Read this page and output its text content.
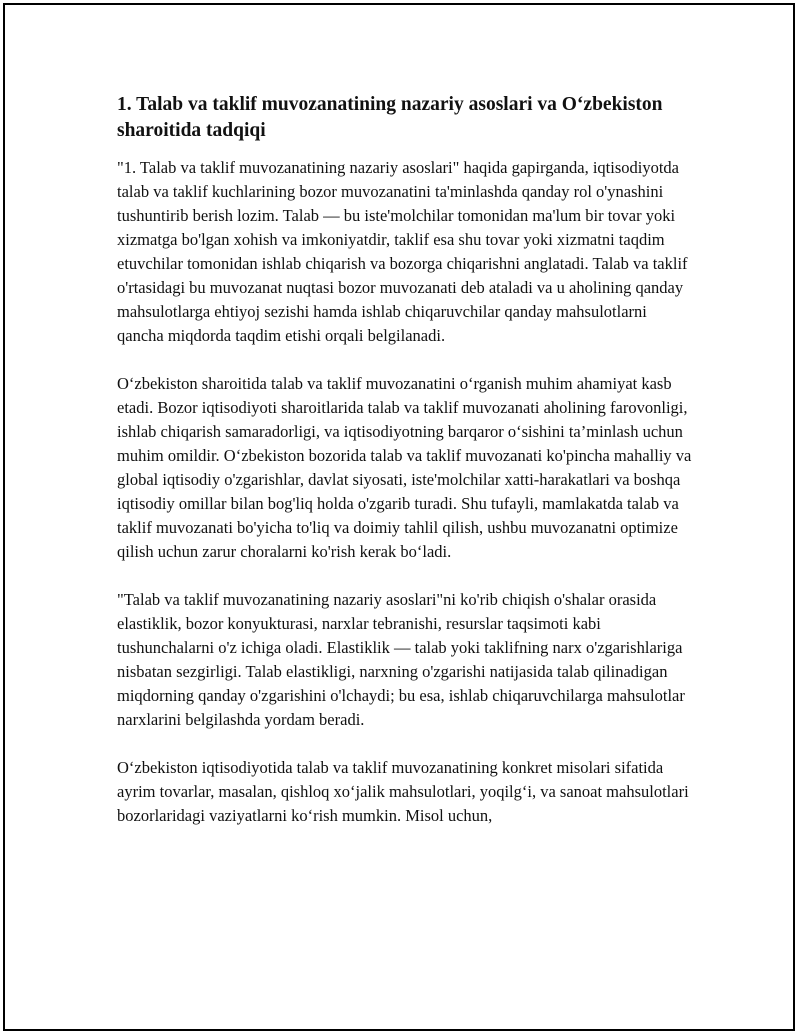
1. Talab va taklif muvozanatining nazariy asoslari va O‘zbekiston sharoitida tadqiqi

"1. Talab va taklif muvozanatining nazariy asoslari" haqida gapirganda, iqtisodiyotda talab va taklif kuchlarining bozor muvozanatini ta'minlashda qanday rol o'ynashini tushuntirib berish lozim. Talab — bu iste'molchilar tomonidan ma'lum bir tovar yoki xizmatga bo'lgan xohish va imkoniyatdir, taklif esa shu tovar yoki xizmatni taqdim etuvchilar tomonidan ishlab chiqarish va bozorga chiqarishni anglatadi. Talab va taklif o'rtasidagi bu muvozanat nuqtasi bozor muvozanati deb ataladi va u aholining qanday mahsulotlarga ehtiyoj sezishi hamda ishlab chiqaruvchilar qanday mahsulotlarni qancha miqdorda taqdim etishi orqali belgilanadi.

O‘zbekiston sharoitida talab va taklif muvozanatini o‘rganish muhim ahamiyat kasb etadi. Bozor iqtisodiyoti sharoitlarida talab va taklif muvozanati aholining farovonligi, ishlab chiqarish samaradorligi, va iqtisodiyotning barqaror o‘sishini ta’minlash uchun muhim omildir. O‘zbekiston bozorida talab va taklif muvozanati ko'pincha mahalliy va global iqtisodiy o'zgarishlar, davlat siyosati, iste'molchilar xatti-harakatlari va boshqa iqtisodiy omillar bilan bog'liq holda o'zgarib turadi. Shu tufayli, mamlakatda talab va taklif muvozanati bo'yicha to'liq va doimiy tahlil qilish, ushbu muvozanatni optimize qilish uchun zarur choralarni ko'rish kerak bo‘ladi.

"Talab va taklif muvozanatining nazariy asoslari"ni ko'rib chiqish o'shalar orasida elastiklik, bozor konyukturasi, narxlar tebranishi, resurslar taqsimoti kabi tushunchalarni o'z ichiga oladi. Elastiklik — talab yoki taklifning narx o'zgarishlariga nisbatan sezgirligi. Talab elastikligi, narxning o'zgarishi natijasida talab qilinadigan miqdorning qanday o'zgarishini o'lchaydi; bu esa, ishlab chiqaruvchilarga mahsulotlar narxlarini belgilashda yordam beradi.

O‘zbekiston iqtisodiyotida talab va taklif muvozanatining konkret misolari sifatida ayrim tovarlar, masalan, qishloq xo‘jalik mahsulotlari, yoqilg‘i, va sanoat mahsulotlari bozorlaridagi vaziyatlarni ko‘rish mumkin. Misol uchun,
